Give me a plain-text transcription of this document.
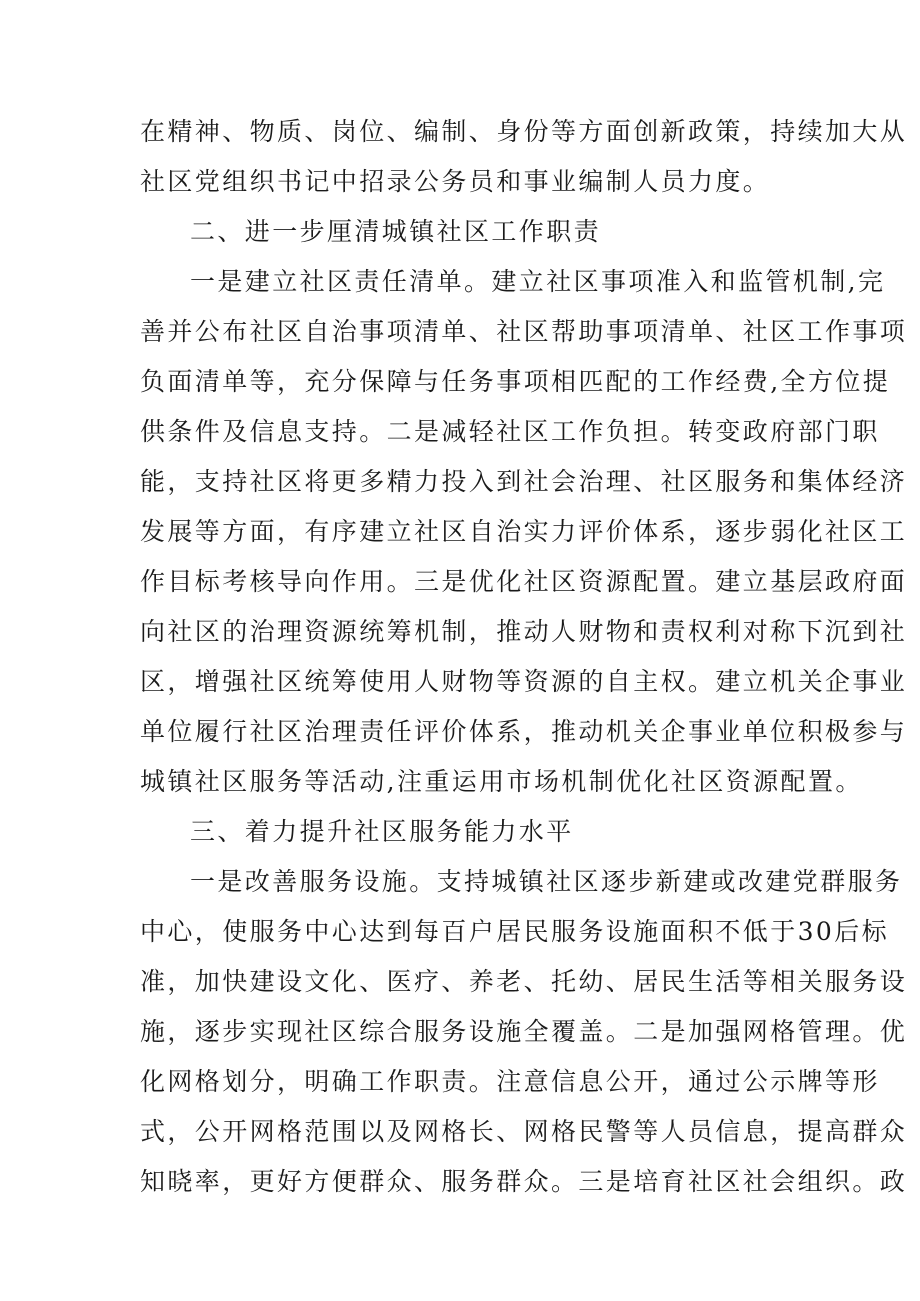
在精神、物质、岗位、编制、身份等方面创新政策，持续加大从
社区党组织书记中招录公务员和事业编制人员力度。
二、进一步厘清城镇社区工作职责
一是建立社区责任清单。建立社区事项准入和监管机制,完
善并公布社区自治事项清单、社区帮助事项清单、社区工作事项
负面清单等，充分保障与任务事项相匹配的工作经费,全方位提
供条件及信息支持。二是减轻社区工作负担。转变政府部门职
能，支持社区将更多精力投入到社会治理、社区服务和集体经济
发展等方面，有序建立社区自治实力评价体系，逐步弱化社区工
作目标考核导向作用。三是优化社区资源配置。建立基层政府面
向社区的治理资源统筹机制，推动人财物和责权利对称下沉到社
区，增强社区统筹使用人财物等资源的自主权。建立机关企事业
单位履行社区治理责任评价体系，推动机关企事业单位积极参与
城镇社区服务等活动,注重运用市场机制优化社区资源配置。
三、着力提升社区服务能力水平
一是改善服务设施。支持城镇社区逐步新建或改建党群服务
中心，使服务中心达到每百户居民服务设施面积不低于30后标
准，加快建设文化、医疗、养老、托幼、居民生活等相关服务设
施，逐步实现社区综合服务设施全覆盖。二是加强网格管理。优
化网格划分，明确工作职责。注意信息公开，通过公示牌等形
式，公开网格范围以及网格长、网格民警等人员信息，提高群众
知晓率，更好方便群众、服务群众。三是培育社区社会组织。政
